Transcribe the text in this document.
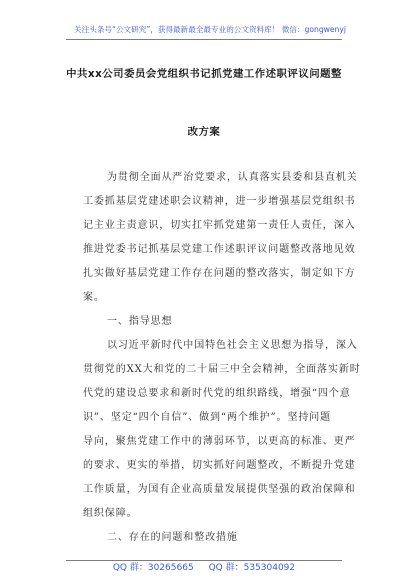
关注头条号“公文研究”，获得最新最全最专业的公文资料库！ 微信：gongwenyj
中共xx公司委员会党组织书记抓党建工作述职评议问题整
改方案
为贯彻全面从严治党要求，认真落实县委和县直机关
工委抓基层党建述职会议精神，进一步增强基层党组织书
记主业主责意识，切实扛牢抓党建第一责任人责任，深入
推进党委书记抓基层党建工作述职评议问题整改落地见效
扎实做好基层党建工作存在问题的整改落实，制定如下方
案。
一、指导思想
以习近平新时代中国特色社会主义思想为指导，深入
贯彻党的XX大和党的二十届三中全会精神，全面落实新时
代党的建设总要求和新时代党的组织路线，增强“四个意
识”、坚定“四个自信”、做到“两个维护”。坚持问题
导向，聚焦党建工作中的薄弱环节，以更高的标准、更严
的要求、更实的举措，切实抓好问题整改，不断提升党建
工作质量，为国有企业高质量发展提供坚强的政治保障和
组织保障。
二、存在的问题和整改措施
QQ 群：30265665 QQ 群：535304092
